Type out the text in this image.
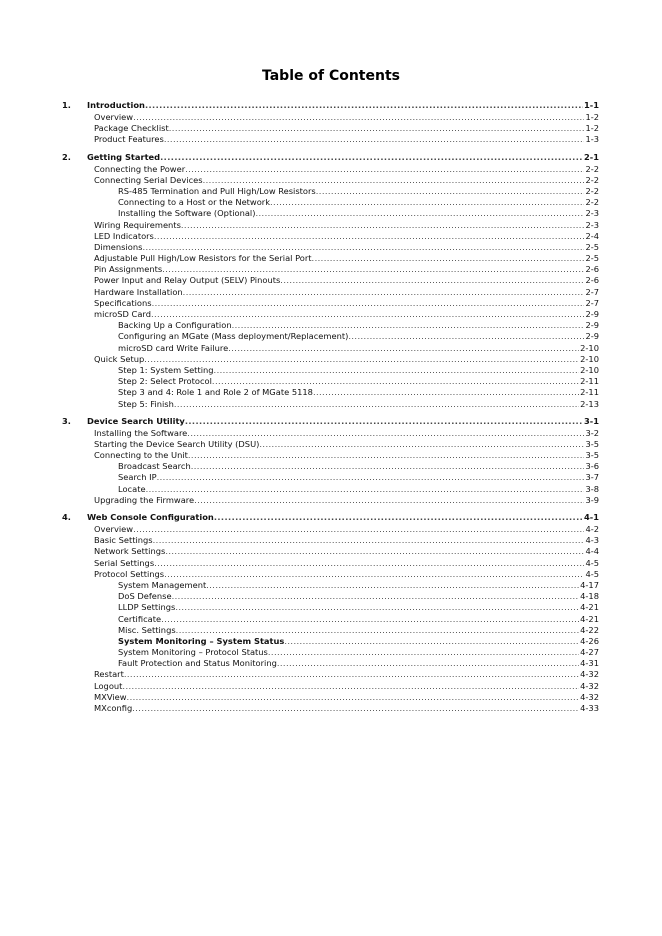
Table of Contents
1.	Introduction .....	1-1
Overview .....	1-2
Package Checklist .....	1-2
Product Features .....	1-3
2.	Getting Started .....	2-1
Connecting the Power .....	2-2
Connecting Serial Devices .....	2-2
RS-485 Termination and Pull High/Low Resistors .....	2-2
Connecting to a Host or the Network .....	2-2
Installing the Software (Optional) .....	2-3
Wiring Requirements .....	2-3
LED Indicators .....	2-4
Dimensions .....	2-5
Adjustable Pull High/Low Resistors for the Serial Port .....	2-5
Pin Assignments .....	2-6
Power Input and Relay Output (SELV) Pinouts .....	2-6
Hardware Installation .....	2-7
Specifications .....	2-7
microSD Card .....	2-9
Backing Up a Configuration .....	2-9
Configuring an MGate (Mass deployment/Replacement) .....	2-9
microSD card Write Failure .....	2-10
Quick Setup .....	2-10
Step 1: System Setting .....	2-10
Step 2: Select Protocol .....	2-11
Step 3 and 4: Role 1 and Role 2 of MGate 5118 .....	2-11
Step 5: Finish .....	2-13
3.	Device Search Utility .....	3-1
Installing the Software .....	3-2
Starting the Device Search Utility (DSU) .....	3-5
Connecting to the Unit .....	3-5
Broadcast Search .....	3-6
Search IP .....	3-7
Locate .....	3-8
Upgrading the Firmware .....	3-9
4.	Web Console Configuration .....	4-1
Overview .....	4-2
Basic Settings .....	4-3
Network Settings .....	4-4
Serial Settings .....	4-5
Protocol Settings .....	4-5
System Management .....	4-17
DoS Defense .....	4-18
LLDP Settings .....	4-21
Certificate .....	4-21
Misc. Settings .....	4-22
System Monitoring – System Status .....	4-26
System Monitoring – Protocol Status .....	4-27
Fault Protection and Status Monitoring .....	4-31
Restart .....	4-32
Logout .....	4-32
MXView .....	4-32
MXconfig .....	4-33
